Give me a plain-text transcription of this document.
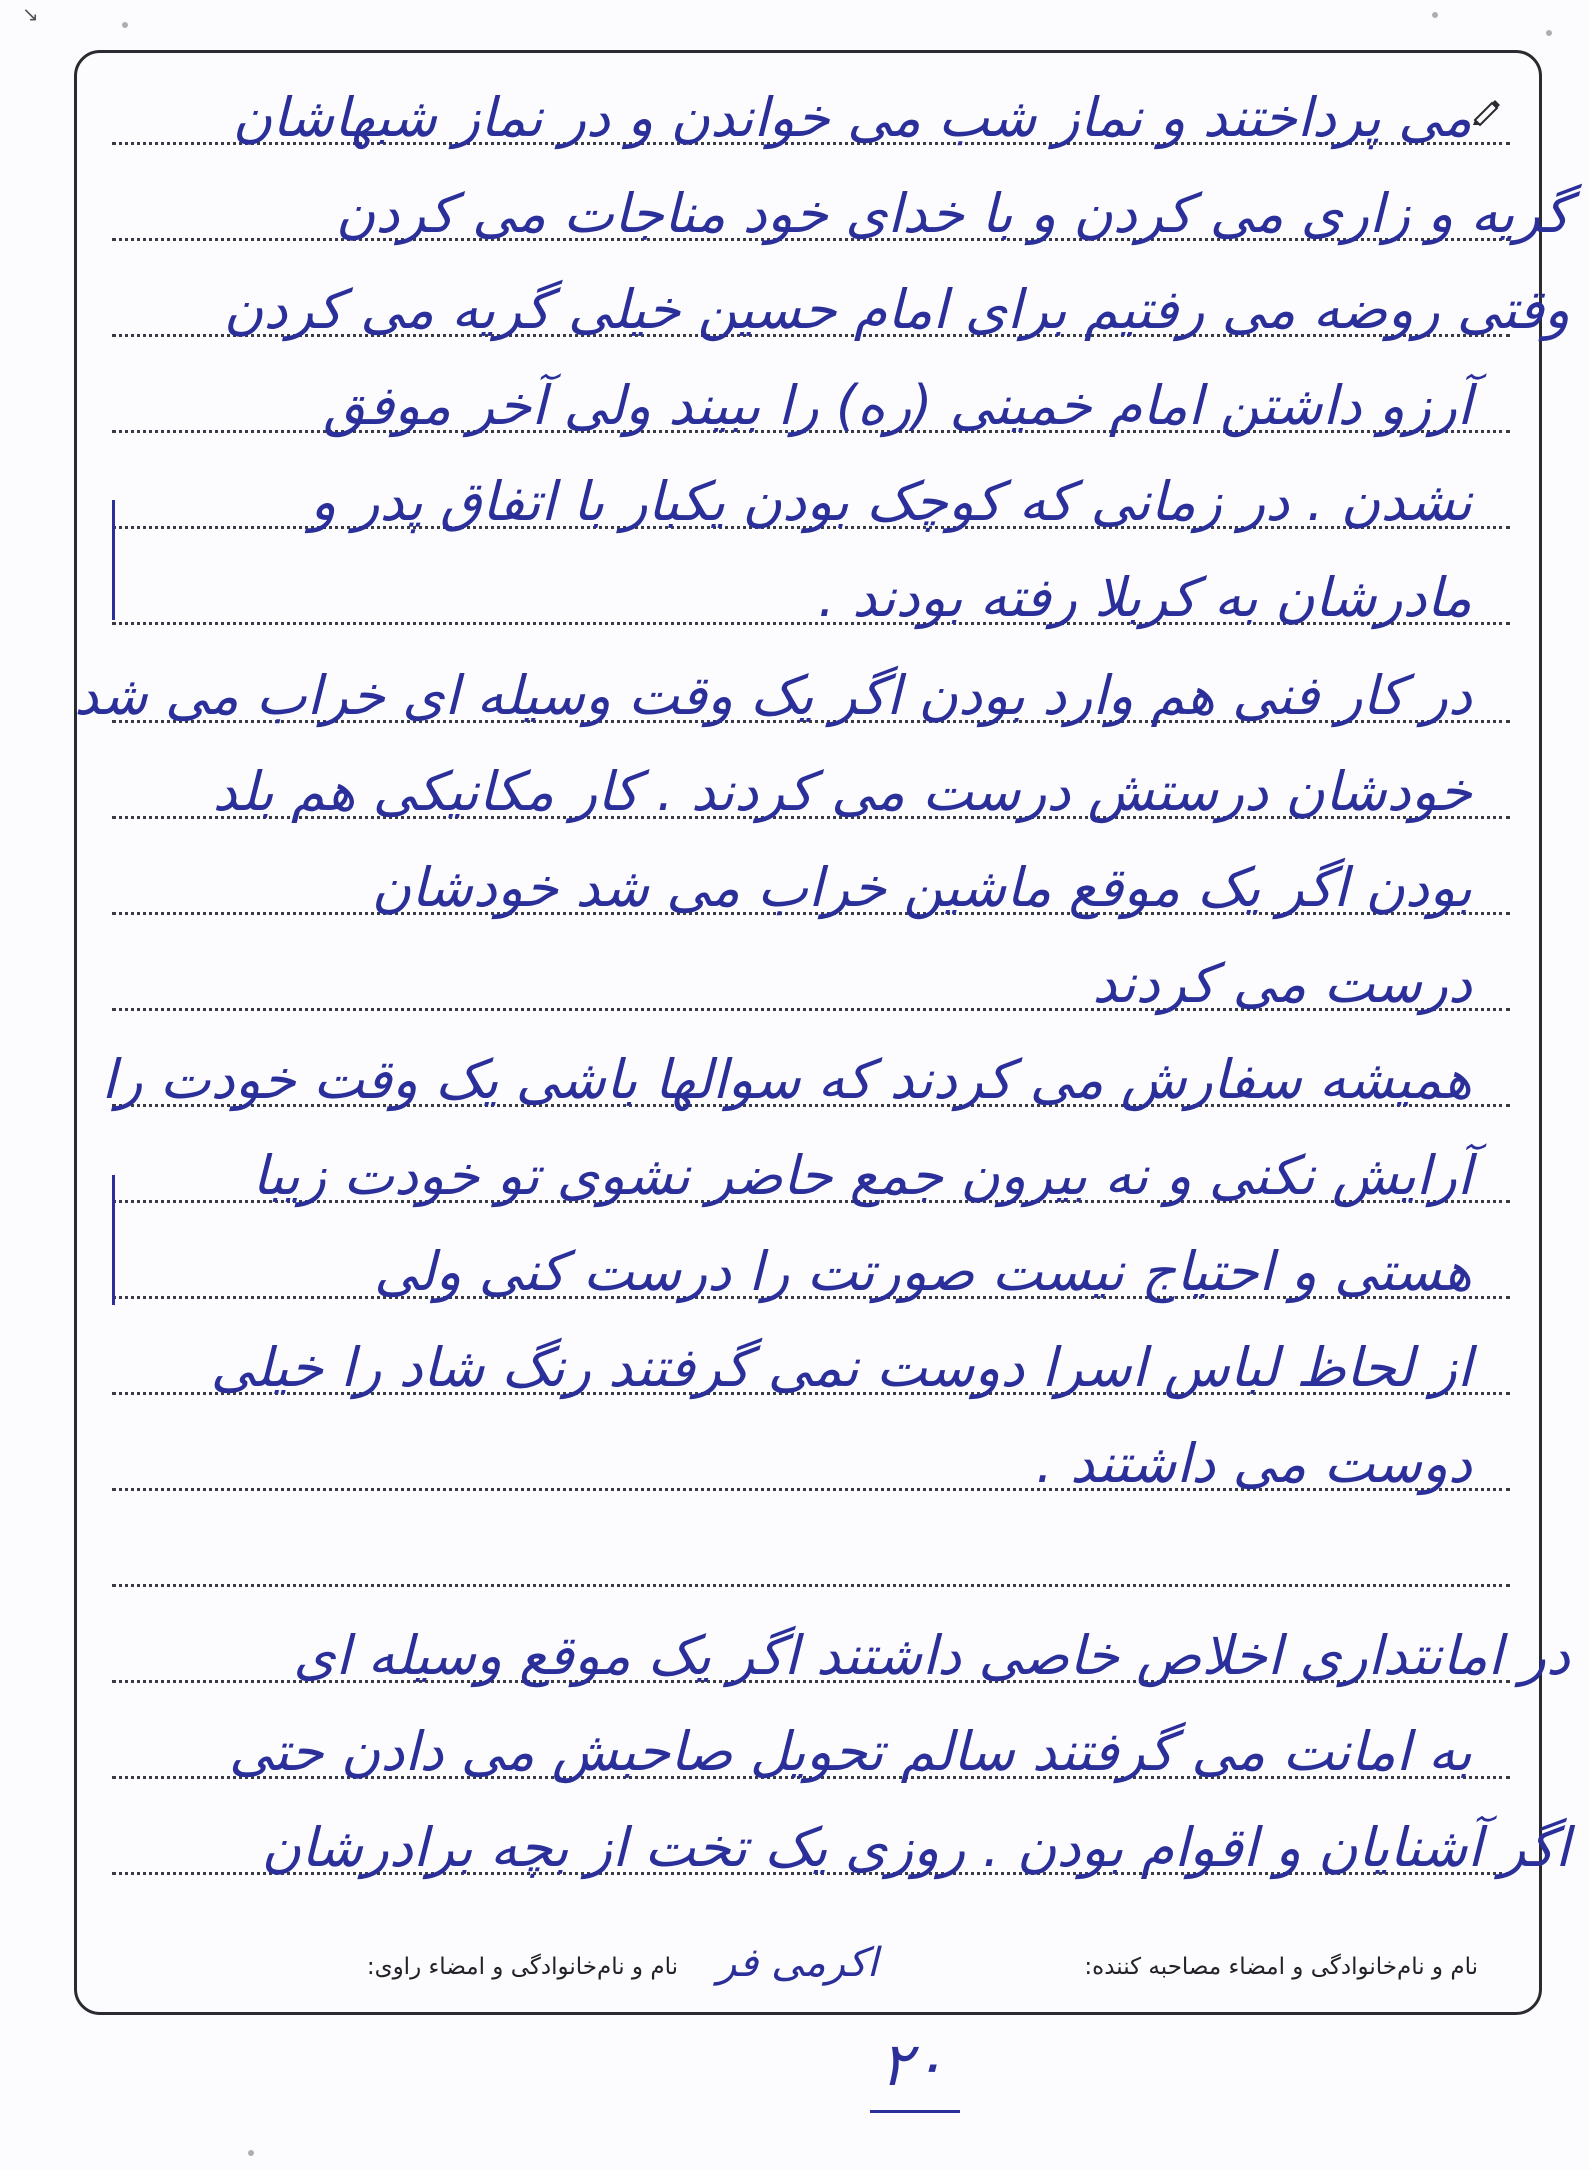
↘
می پرداختند و نماز شب می خواندن و در نماز شبهاشان
گریه و زاری می کردن و با خدای خود مناجات می کردن
وقتی روضه می رفتیم برای امام حسین خیلی گریه می کردن
آرزو داشتن امام خمینی (ره) را ببیند ولی آخر موفق
نشدن . در زمانی که کوچک بودن یکبار با اتفاق پدر و
مادرشان به کربلا رفته بودند .
در کار فنی هم وارد بودن اگر یک وقت وسیله ای خراب می شد
خودشان درستش درست می کردند . کار مکانیکی هم بلد
بودن اگر یک موقع ماشین خراب می شد خودشان
درست می کردند
همیشه سفارش می کردند که سوالها باشی یک وقت خودت را
آرایش نکنی و نه بیرون جمع حاضر نشوی تو خودت زیبا
هستی و احتیاج نیست صورتت را درست کنی ولی
از لحاظ لباس اسرا دوست نمی گرفتند رنگ شاد را خیلی
دوست می داشتند .
در امانتداری اخلاص خاصی داشتند اگر یک موقع وسیله ای
به امانت می گرفتند سالم تحویل صاحبش می دادن حتی
اگر آشنایان و اقوام بودن . روزی یک تخت از بچه برادرشان
نام و نام‌خانوادگی و امضاء مصاحبه کننده:
اکرمی فر
نام و نام‌خانوادگی و امضاء راوی:
۲۰
